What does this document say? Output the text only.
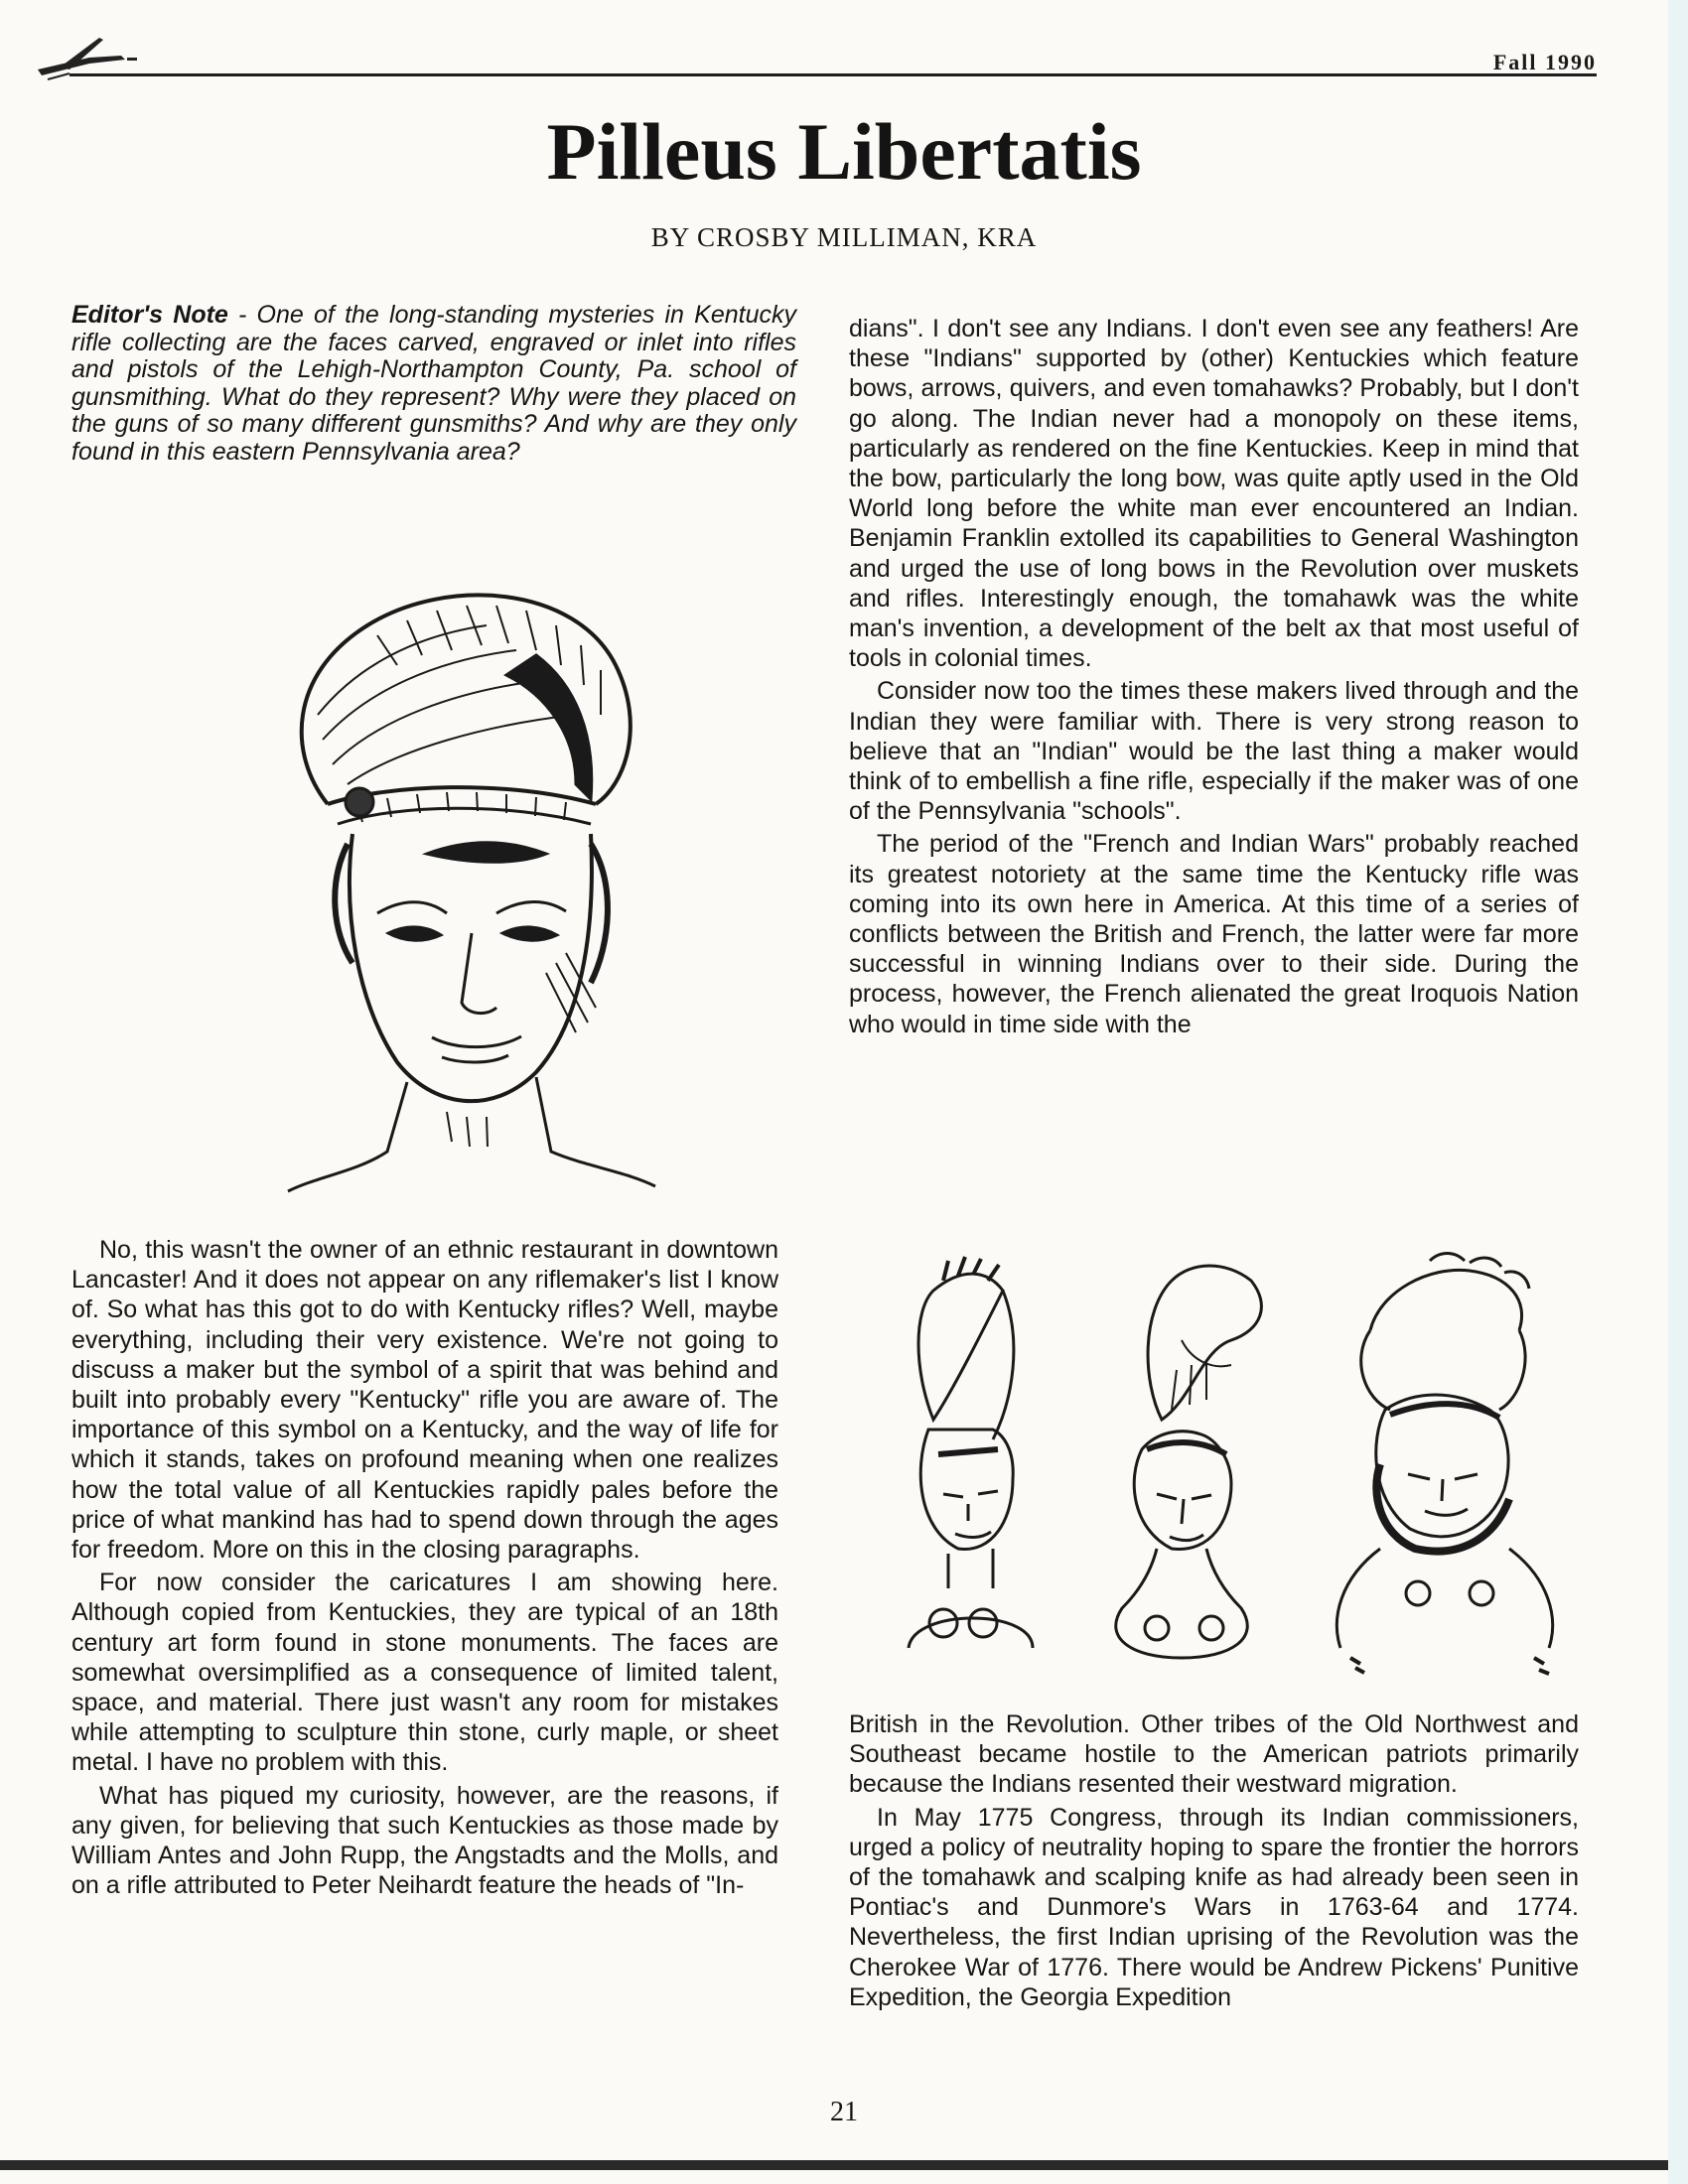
Fall 1990
Pilleus Libertatis
BY CROSBY MILLIMAN, KRA

Editor's Note - One of the long-standing mysteries in Kentucky rifle collecting are the faces carved, engraved or inlet into rifles and pistols of the Lehigh-Northampton County, Pa. school of gunsmithing. What do they represent? Why were they placed on the guns of so many different gunsmiths? And why are they only found in this eastern Pennsylvania area?

No, this wasn't the owner of an ethnic restaurant in downtown Lancaster! And it does not appear on any riflemaker's list I know of. So what has this got to do with Kentucky rifles? Well, maybe everything, including their very existence. We're not going to discuss a maker but the symbol of a spirit that was behind and built into probably every "Kentucky" rifle you are aware of. The importance of this symbol on a Kentucky, and the way of life for which it stands, takes on profound meaning when one realizes how the total value of all Kentuckies rapidly pales before the price of what mankind has had to spend down through the ages for freedom. More on this in the closing paragraphs.

For now consider the caricatures I am showing here. Although copied from Kentuckies, they are typical of an 18th century art form found in stone monuments. The faces are somewhat oversimplified as a consequence of limited talent, space, and material. There just wasn't any room for mistakes while attempting to sculpture thin stone, curly maple, or sheet metal. I have no problem with this.

What has piqued my curiosity, however, are the reasons, if any given, for believing that such Kentuckies as those made by William Antes and John Rupp, the Angstadts and the Molls, and on a rifle attributed to Peter Neihardt feature the heads of "In-

dians". I don't see any Indians. I don't even see any feathers! Are these "Indians" supported by (other) Kentuckies which feature bows, arrows, quivers, and even tomahawks? Probably, but I don't go along. The Indian never had a monopoly on these items, particularly as rendered on the fine Kentuckies. Keep in mind that the bow, particularly the long bow, was quite aptly used in the Old World long before the white man ever encountered an Indian. Benjamin Franklin extolled its capabilities to General Washington and urged the use of long bows in the Revolution over muskets and rifles. Interestingly enough, the tomahawk was the white man's invention, a development of the belt ax that most useful of tools in colonial times.

Consider now too the times these makers lived through and the Indian they were familiar with. There is very strong reason to believe that an "Indian" would be the last thing a maker would think of to embellish a fine rifle, especially if the maker was of one of the Pennsylvania "schools".

The period of the "French and Indian Wars" probably reached its greatest notoriety at the same time the Kentucky rifle was coming into its own here in America. At this time of a series of conflicts between the British and French, the latter were far more successful in winning Indians over to their side. During the process, however, the French alienated the great Iroquois Nation who would in time side with the

British in the Revolution. Other tribes of the Old Northwest and Southeast became hostile to the American patriots primarily because the Indians resented their westward migration.

In May 1775 Congress, through its Indian commissioners, urged a policy of neutrality hoping to spare the frontier the horrors of the tomahawk and scalping knife as had already been seen in Pontiac's and Dunmore's Wars in 1763-64 and 1774. Nevertheless, the first Indian uprising of the Revolution was the Cherokee War of 1776. There would be Andrew Pickens' Punitive Expedition, the Georgia Expedition

21
